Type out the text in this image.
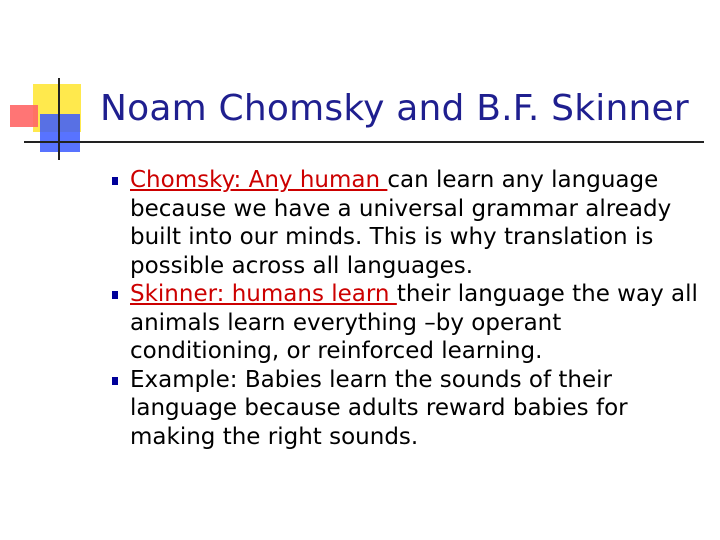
Noam Chomsky and B.F. Skinner
Chomsky: Any human can learn any language because we have a universal grammar already built into our minds. This is why translation is possible across all languages.
Skinner: humans learn their language the way all animals learn everything –by operant conditioning, or reinforced learning.
Example: Babies learn the sounds of their language because adults reward babies for making the right sounds.
